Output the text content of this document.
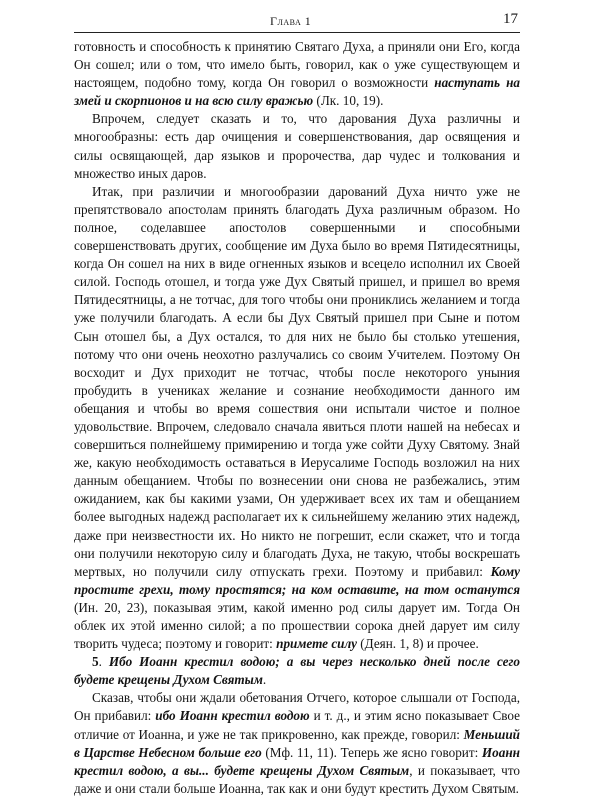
Глава 1	17

готовность и способность к принятию Святаго Духа, а приняли они Его, когда Он сошел; или о том, что имело быть, говорил, как о уже существующем и настоящем, подобно тому, когда Он говорил о возможности наступать на змей и скорпионов и на всю силу вражью (Лк. 10, 19).

Впрочем, следует сказать и то, что дарования Духа различны и многообразны: есть дар очищения и совершенствования, дар освящения и силы освящающей, дар языков и пророчества, дар чудес и толкования и множество иных даров.

Итак, при различии и многообразии дарований Духа ничто уже не препятствовало апостолам принять благодать Духа различным образом. Но полное, соделавшее апостолов совершенными и способными совершенствовать других, сообщение им Духа было во время Пятидесятницы, когда Он сошел на них в виде огненных языков и всецело исполнил их Своей силой. Господь отошел, и тогда уже Дух Святый пришел, и пришел во время Пятидесятницы, а не тотчас, для того чтобы они прониклись желанием и тогда уже получили благодать. А если бы Дух Святый пришел при Сыне и потом Сын отошел бы, а Дух остался, то для них не было бы столько утешения, потому что они очень неохотно разлучались со своим Учителем. Поэтому Он восходит и Дух приходит не тотчас, чтобы после некоторого уныния пробудить в учениках желание и сознание необходимости данного им обещания и чтобы во время сошествия они испытали чистое и полное удовольствие. Впрочем, следовало сначала явиться плоти нашей на небесах и совершиться полнейшему примирению и тогда уже сойти Духу Святому. Знай же, какую необходимость оставаться в Иерусалиме Господь возложил на них данным обещанием. Чтобы по вознесении они снова не разбежались, этим ожиданием, как бы какими узами, Он удерживает всех их там и обещанием более выгодных надежд располагает их к сильнейшему желанию этих надежд, даже при неизвестности их. Но никто не погрешит, если скажет, что и тогда они получили некоторую силу и благодать Духа, не такую, чтобы воскрешать мертвых, но получили силу отпускать грехи. Поэтому и прибавил: Кому простите грехи, тому простятся; на ком оставите, на том останутся (Ин. 20, 23), показывая этим, какой именно род силы дарует им. Тогда Он облек их этой именно силой; а по прошествии сорока дней дарует им силу творить чудеса; поэтому и говорит: примете силу (Деян. 1, 8) и прочее.

5. Ибо Иоанн крестил водою; а вы через несколько дней после сего будете крещены Духом Святым.

Сказав, чтобы они ждали обетования Отчего, которое слышали от Господа, Он прибавил: ибо Иоанн крестил водою и т. д., и этим ясно показывает Свое отличие от Иоанна, и уже не так прикровенно, как прежде, говорил: Меньший в Царстве Небесном больше его (Мф. 11, 11). Теперь же ясно говорит: Иоанн крестил водою, а вы... будете крещены Духом Святым, и показывает, что даже и они стали больше Иоанна, так как и они будут крестить Духом Святым.
